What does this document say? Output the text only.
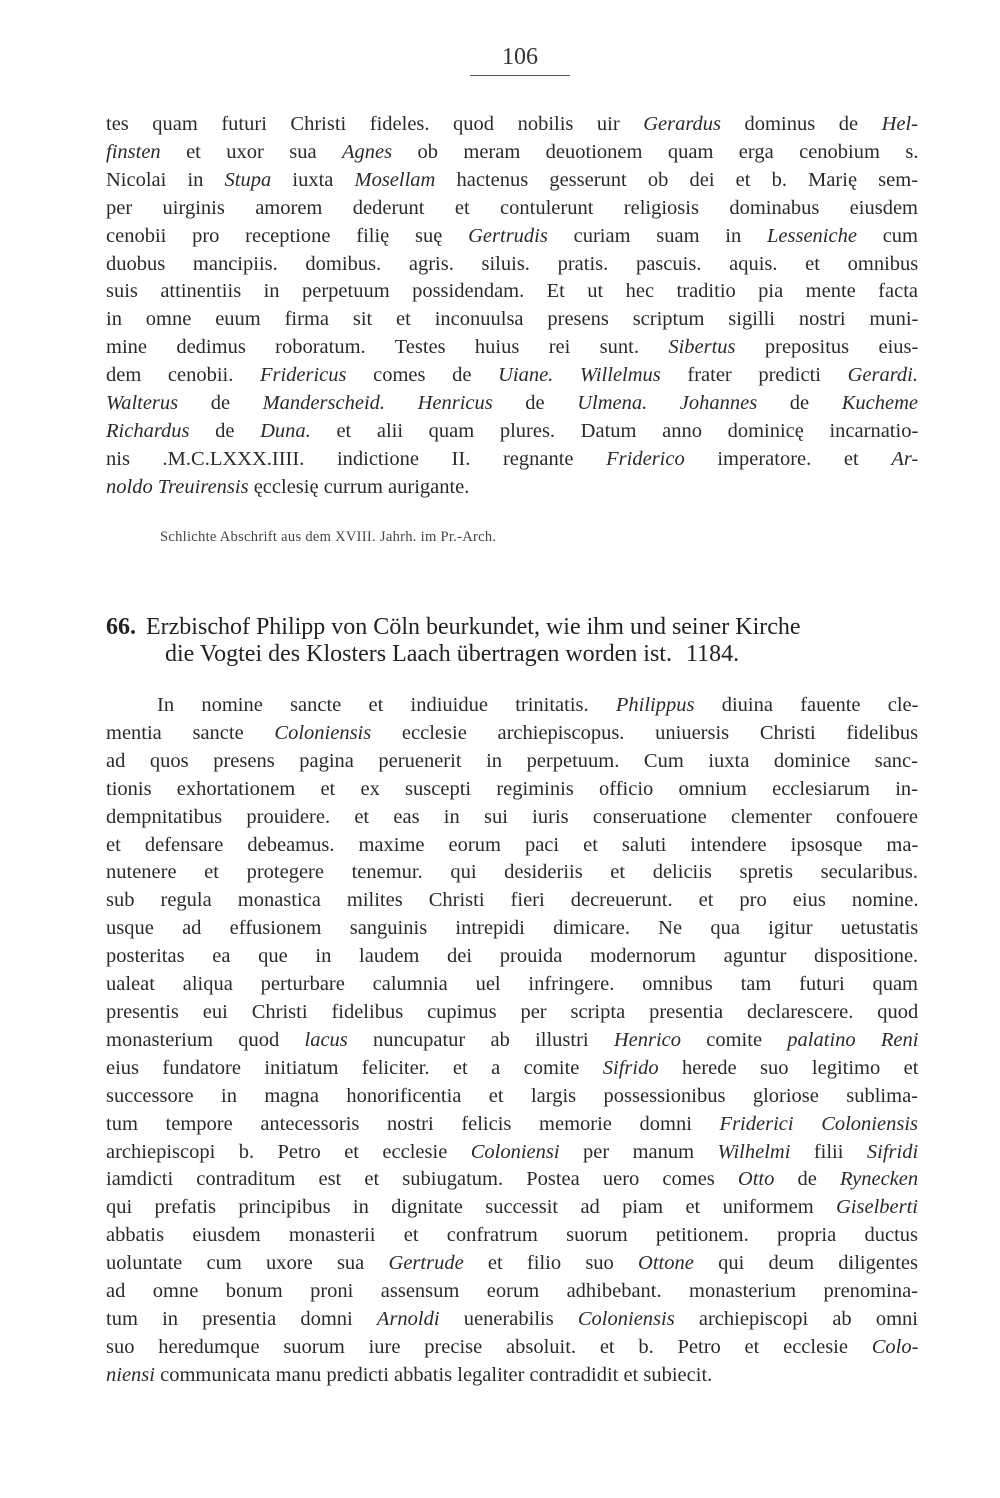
106
tes quam futuri Christi fideles. quod nobilis uir Gerardus dominus de Hel-
finsten et uxor sua Agnes ob meram deuotionem quam erga cenobium s.
Nicolai in Stupa iuxta Mosellam hactenus gesserunt ob dei et b. Marię sem-
per uirginis amorem dederunt et contulerunt religiosis dominabus eiusdem
cenobii pro receptione filię suę Gertrudis curiam suam in Lesseniche cum
duobus mancipiis. domibus. agris. siluis. pratis. pascuis. aquis. et omnibus
suis attinentiis in perpetuum possidendam. Et ut hec traditio pia mente facta
in omne euum firma sit et inconuulsa presens scriptum sigilli nostri muni-
mine dedimus roboratum. Testes huius rei sunt. Sibertus prepositus eius-
dem cenobii. Fridericus comes de Uiane. Willelmus frater predicti Gerardi.
Walterus de Manderscheid. Henricus de Ulmena. Johannes de Kucheme
Richardus de Duna. et alii quam plures. Datum anno dominicę incarnatio-
nis .M.C.LXXX.IIII. indictione II. regnante Friderico imperatore. et Ar-
noldo Treuirensis ęcclesię currum aurigante.
Schlichte Abschrift aus dem XVIII. Jahrh. im Pr.-Arch.
66. Erzbischof Philipp von Cöln beurkundet, wie ihm und seiner Kirche
die Vogtei des Klosters Laach übertragen worden ist. 1184.
In nomine sancte et indiuidue trinitatis. Philippus diuina fauente cle-
mentia sancte Coloniensis ecclesie archiepiscopus. uniuersis Christi fidelibus
ad quos presens pagina peruenerit in perpetuum. Cum iuxta dominice sanc-
tionis exhortationem et ex suscepti regiminis officio omnium ecclesiarum in-
dempnitatibus prouidere. et eas in sui iuris conseruatione clementer confouere
et defensare debeamus. maxime eorum paci et saluti intendere ipsosque ma-
nutenere et protegere tenemur. qui desideriis et deliciis spretis secularibus.
sub regula monastica milites Christi fieri decreuerunt. et pro eius nomine.
usque ad effusionem sanguinis intrepidi dimicare. Ne qua igitur uetustatis
posteritas ea que in laudem dei prouida modernorum aguntur dispositione.
ualeat aliqua perturbare calumnia uel infringere. omnibus tam futuri quam
presentis eui Christi fidelibus cupimus per scripta presentia declarescere. quod
monasterium quod lacus nuncupatur ab illustri Henrico comite palatino Reni
eius fundatore initiatum feliciter. et a comite Sifrido herede suo legitimo et
successore in magna honorificentia et largis possessionibus gloriose sublima-
tum tempore antecessoris nostri felicis memorie domni Friderici Coloniensis
archiepiscopi b. Petro et ecclesie Coloniensi per manum Wilhelmi filii Sifridi
iamdicti contraditum est et subiugatum. Postea uero comes Otto de Rynecken
qui prefatis principibus in dignitate successit ad piam et uniformem Giselberti
abbatis eiusdem monasterii et confratrum suorum petitionem. propria ductus
uoluntate cum uxore sua Gertrude et filio suo Ottone qui deum diligentes
ad omne bonum proni assensum eorum adhibebant. monasterium prenomina-
tum in presentia domni Arnoldi uenerabilis Coloniensis archiepiscopi ab omni
suo heredumque suorum iure precise absoluit. et b. Petro et ecclesie Colo-
niensi communicata manu predicti abbatis legaliter contradidit et subiecit.
